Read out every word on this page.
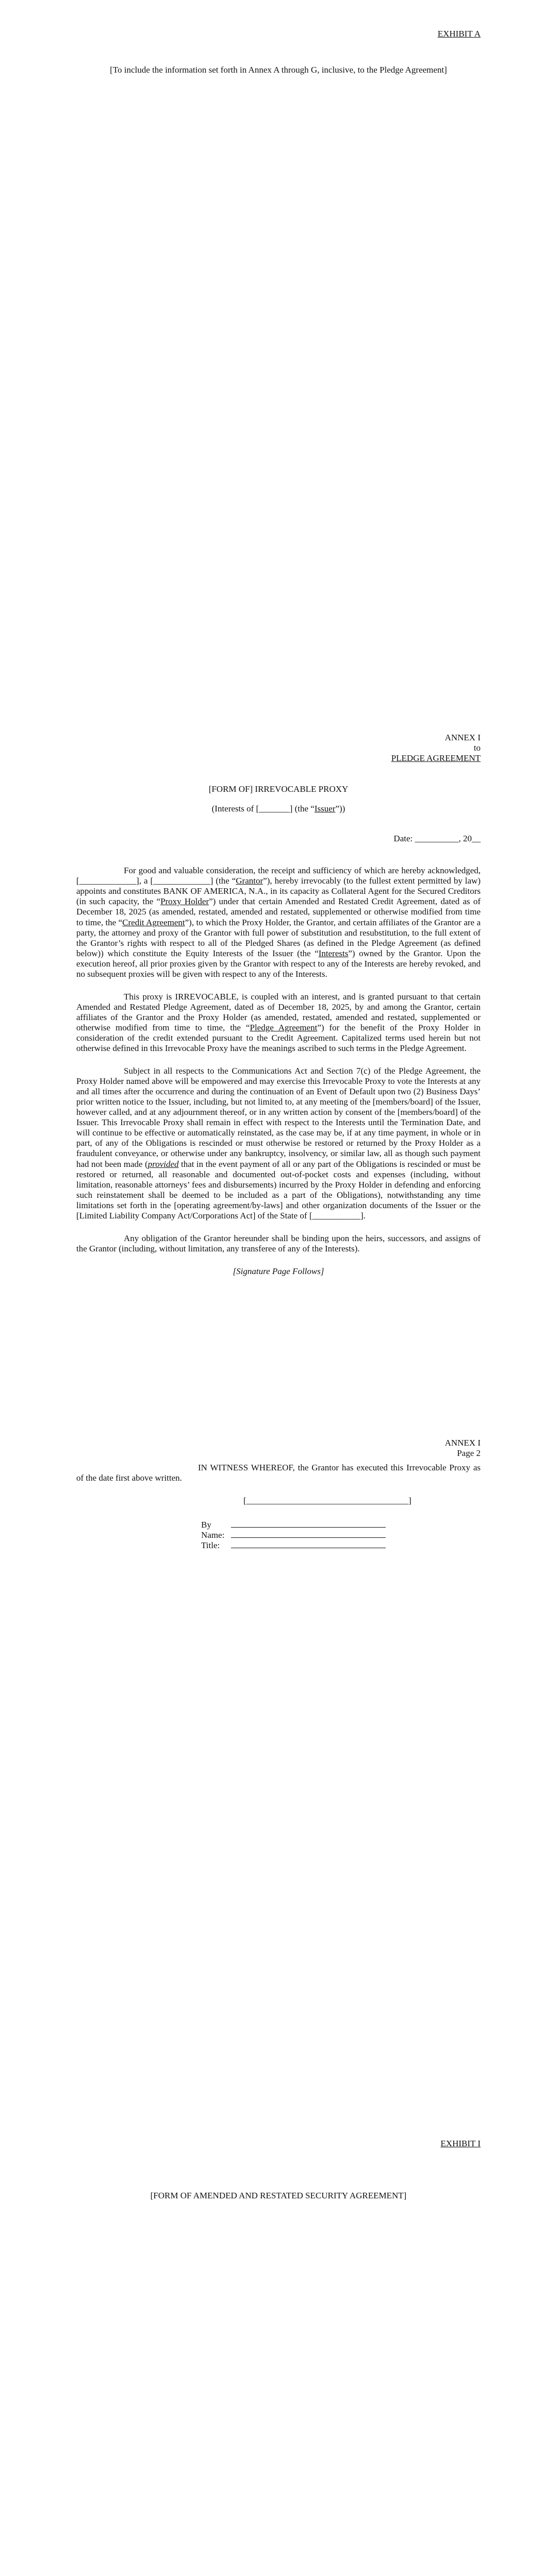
EXHIBIT A
[To include the information set forth in Annex A through G, inclusive, to the Pledge Agreement]
ANNEX I
to
PLEDGE AGREEMENT
[FORM OF] IRREVOCABLE PROXY
(Interests of [_______] (the “Issuer”))
Date: __________, 20__
For good and valuable consideration, the receipt and sufficiency of which are hereby acknowledged, [_____________], a [_____________] (the “Grantor”), hereby irrevocably (to the fullest extent permitted by law) appoints and constitutes BANK OF AMERICA, N.A., in its capacity as Collateral Agent for the Secured Creditors (in such capacity, the “Proxy Holder”) under that certain Amended and Restated Credit Agreement, dated as of December 18, 2025 (as amended, restated, amended and restated, supplemented or otherwise modified from time to time, the “Credit Agreement”), to which the Proxy Holder, the Grantor, and certain affiliates of the Grantor are a party, the attorney and proxy of the Grantor with full power of substitution and resubstitution, to the full extent of the Grantor’s rights with respect to all of the Pledged Shares (as defined in the Pledge Agreement (as defined below)) which constitute the Equity Interests of the Issuer (the “Interests”) owned by the Grantor. Upon the execution hereof, all prior proxies given by the Grantor with respect to any of the Interests are hereby revoked, and no subsequent proxies will be given with respect to any of the Interests.
This proxy is IRREVOCABLE, is coupled with an interest, and is granted pursuant to that certain Amended and Restated Pledge Agreement, dated as of December 18, 2025, by and among the Grantor, certain affiliates of the Grantor and the Proxy Holder (as amended, restated, amended and restated, supplemented or otherwise modified from time to time, the “Pledge Agreement”) for the benefit of the Proxy Holder in consideration of the credit extended pursuant to the Credit Agreement. Capitalized terms used herein but not otherwise defined in this Irrevocable Proxy have the meanings ascribed to such terms in the Pledge Agreement.
Subject in all respects to the Communications Act and Section 7(c) of the Pledge Agreement, the Proxy Holder named above will be empowered and may exercise this Irrevocable Proxy to vote the Interests at any and all times after the occurrence and during the continuation of an Event of Default upon two (2) Business Days’ prior written notice to the Issuer, including, but not limited to, at any meeting of the [members/board] of the Issuer, however called, and at any adjournment thereof, or in any written action by consent of the [members/board] of the Issuer. This Irrevocable Proxy shall remain in effect with respect to the Interests until the Termination Date, and will continue to be effective or automatically reinstated, as the case may be, if at any time payment, in whole or in part, of any of the Obligations is rescinded or must otherwise be restored or returned by the Proxy Holder as a fraudulent conveyance, or otherwise under any bankruptcy, insolvency, or similar law, all as though such payment had not been made (provided that in the event payment of all or any part of the Obligations is rescinded or must be restored or returned, all reasonable and documented out-of-pocket costs and expenses (including, without limitation, reasonable attorneys’ fees and disbursements) incurred by the Proxy Holder in defending and enforcing such reinstatement shall be deemed to be included as a part of the Obligations), notwithstanding any time limitations set forth in the [operating agreement/by-laws] and other organization documents of the Issuer or the [Limited Liability Company Act/Corporations Act] of the State of [___________].
Any obligation of the Grantor hereunder shall be binding upon the heirs, successors, and assigns of the Grantor (including, without limitation, any transferee of any of the Interests).
[Signature Page Follows]
ANNEX I
Page 2
IN WITNESS WHEREOF, the Grantor has executed this Irrevocable Proxy as of the date first above written.
[_____________________________________]
By
Name:
Title:
EXHIBIT I
[FORM OF AMENDED AND RESTATED SECURITY AGREEMENT]
